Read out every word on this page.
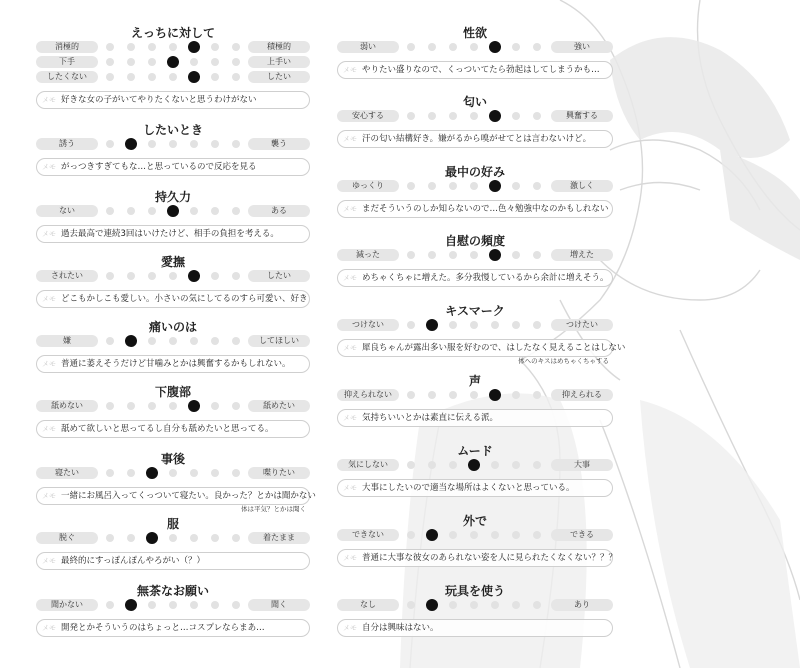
えっちに対して
消極的	積極的
下手	上手い
したくない	したい
メモ 好きな女の子がいてやりたくないと思うわけがない
したいとき
誘う	襲う
メモ がっつきすぎてもな…と思っているので反応を見る
持久力
ない	ある
メモ 過去最高で連続3回はいけたけど、相手の負担を考える。
愛撫
されたい	したい
メモ どこもかしこも愛しい。小さいの気にしてるのすら可愛い、好き
痛いのは
嫌	してほしい
メモ 普通に萎えそうだけど甘噛みとかは興奮するかもしれない。
下腹部
舐めない	舐めたい
メモ 舐めて欲しいと思ってるし自分も舐めたいと思ってる。
事後
寝たい	喋りたい
メモ 一緒にお風呂入ってくっついて寝たい。良かった？とかは聞かない
体は平気？とかは聞く
服
脱ぐ	着たまま
メモ 最終的にすっぽんぽんやろがい（？）
無茶なお願い
聞かない	聞く
メモ 開発とかそういうのはちょっと…コスプレならまあ…
性欲
弱い	強い
メモ やりたい盛りなので、くっついてたら勃起はしてしまうかも…
匂い
安心する	興奮する
メモ 汗の匂い結構好き。嫌がるから嗅がせてとは言わないけど。
最中の好み
ゆっくり	激しく
メモ まだそういうのしか知らないので…色々勉強中なのかもしれない
自慰の頻度
減った	増えた
メモ めちゃくちゃに増えた。多分我慢しているから余計に増えそう。
キスマーク
つけない	つけたい
メモ 犀良ちゃんが露出多い服を好むので、はしたなく見えることはしない
体へのキスはめちゃくちゃする
声
抑えられない	抑えられる
メモ 気持ちいいとかは素直に伝える派。
ムード
気にしない	大事
メモ 大事にしたいので適当な場所はよくないと思っている。
外で
できない	できる
メモ 普通に大事な彼女のあられない姿を人に見られたくなくない？？？
玩具を使う
なし	あり
メモ 自分は興味はない。
